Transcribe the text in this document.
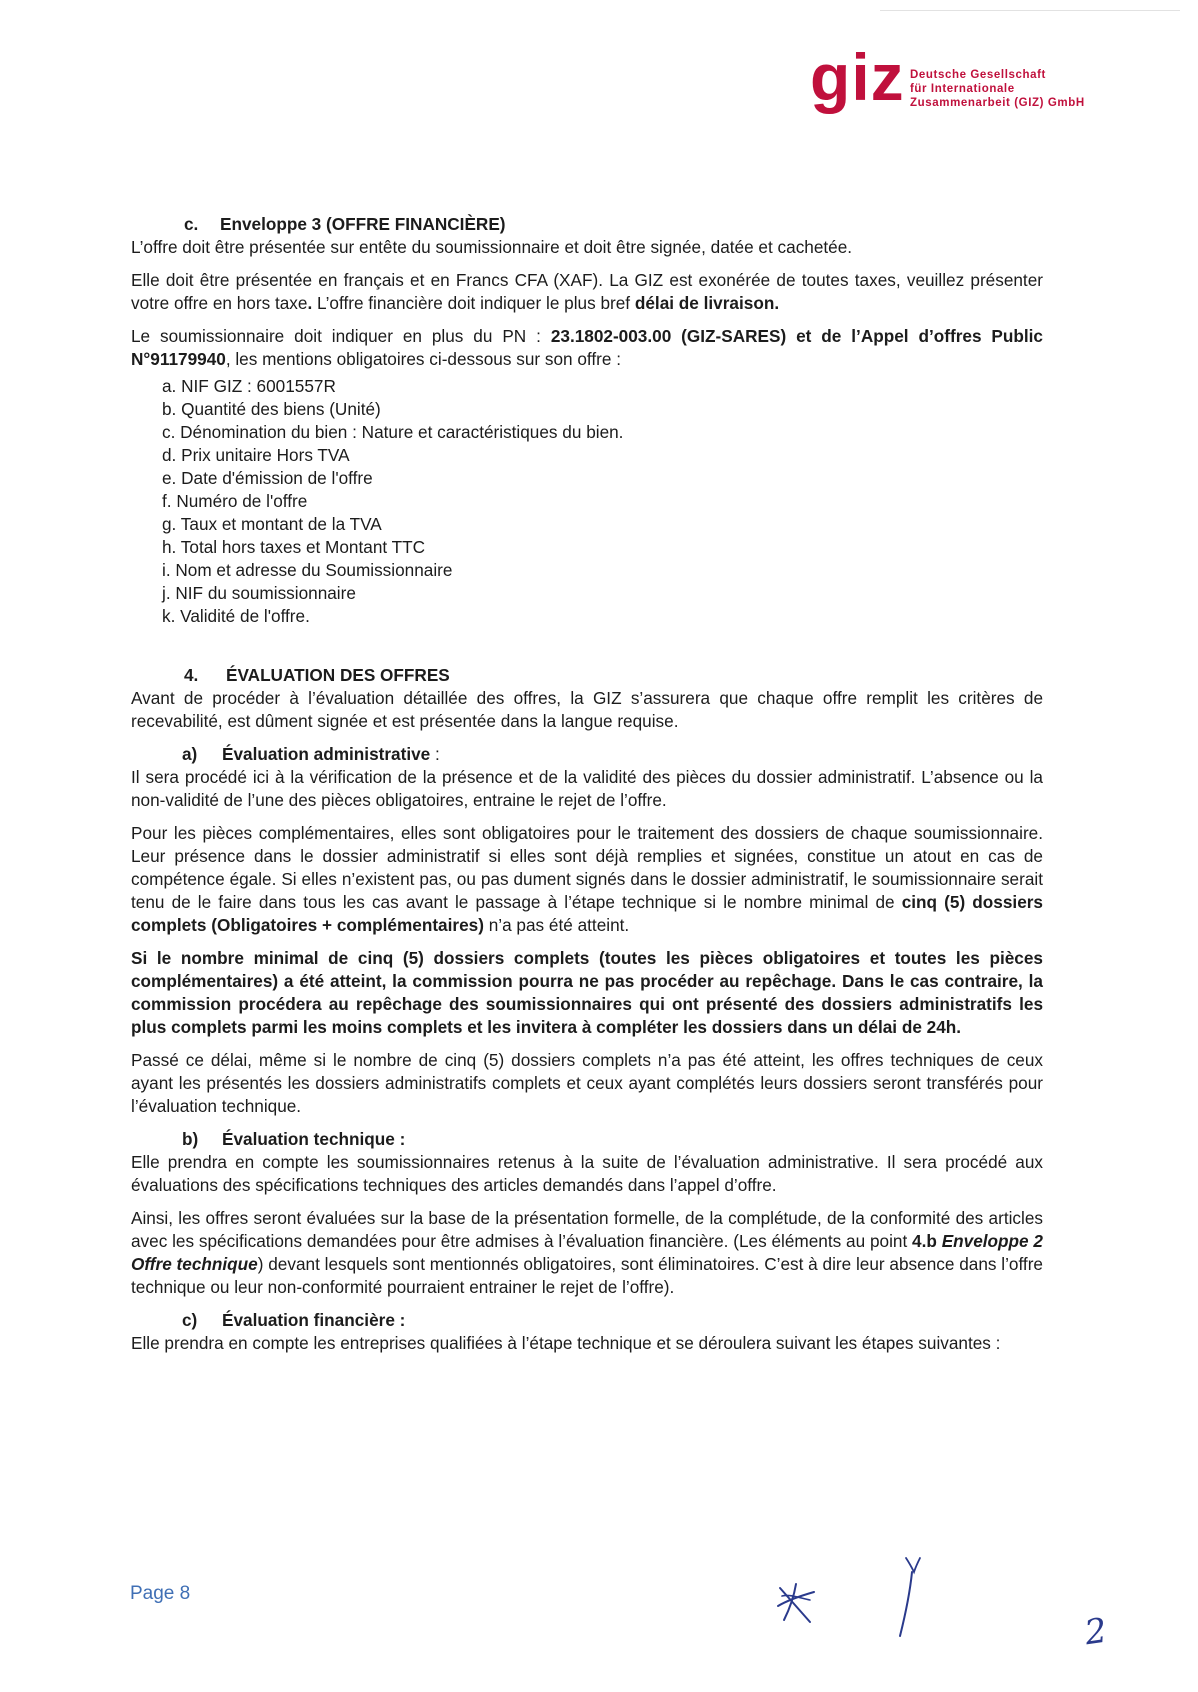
giz Deutsche Gesellschaft
für Internationale
Zusammenarbeit (GIZ) GmbH

c. Enveloppe 3 (OFFRE FINANCIÈRE)

L’offre doit être présentée sur entête du soumissionnaire et doit être signée, datée et cachetée.

Elle doit être présentée en français et en Francs CFA (XAF). La GIZ est exonérée de toutes taxes, veuillez présenter votre offre en hors taxe. L’offre financière doit indiquer le plus bref délai de livraison.

Le soumissionnaire doit indiquer en plus du PN : 23.1802-003.00 (GIZ-SARES) et de l’Appel d’offres Public N°91179940, les mentions obligatoires ci-dessous sur son offre :

a. NIF GIZ : 6001557R
b. Quantité des biens (Unité)
c. Dénomination du bien : Nature et caractéristiques du bien.
d. Prix unitaire Hors TVA
e. Date d'émission de l'offre
f. Numéro de l'offre
g. Taux et montant de la TVA
h. Total hors taxes et Montant TTC
i. Nom et adresse du Soumissionnaire
j. NIF du soumissionnaire
k. Validité de l'offre.

4. ÉVALUATION DES OFFRES

Avant de procéder à l’évaluation détaillée des offres, la GIZ s’assurera que chaque offre remplit les critères de recevabilité, est dûment signée et est présentée dans la langue requise.

a) Évaluation administrative :

Il sera procédé ici à la vérification de la présence et de la validité des pièces du dossier administratif. L’absence ou la non-validité de l’une des pièces obligatoires, entraine le rejet de l’offre.

Pour les pièces complémentaires, elles sont obligatoires pour le traitement des dossiers de chaque soumissionnaire. Leur présence dans le dossier administratif si elles sont déjà remplies et signées, constitue un atout en cas de compétence égale. Si elles n’existent pas, ou pas dument signés dans le dossier administratif, le soumissionnaire serait tenu de le faire dans tous les cas avant le passage à l’étape technique si le nombre minimal de cinq (5) dossiers complets (Obligatoires + complémentaires) n’a pas été atteint.

Si le nombre minimal de cinq (5) dossiers complets (toutes les pièces obligatoires et toutes les pièces complémentaires) a été atteint, la commission pourra ne pas procéder au repêchage. Dans le cas contraire, la commission procédera au repêchage des soumissionnaires qui ont présenté des dossiers administratifs les plus complets parmi les moins complets et les invitera à compléter les dossiers dans un délai de 24h.

Passé ce délai, même si le nombre de cinq (5) dossiers complets n’a pas été atteint, les offres techniques de ceux ayant les présentés les dossiers administratifs complets et ceux ayant complétés leurs dossiers seront transférés pour l’évaluation technique.

b) Évaluation technique :

Elle prendra en compte les soumissionnaires retenus à la suite de l’évaluation administrative. Il sera procédé aux évaluations des spécifications techniques des articles demandés dans l’appel d’offre.

Ainsi, les offres seront évaluées sur la base de la présentation formelle, de la complétude, de la conformité des articles avec les spécifications demandées pour être admises à l’évaluation financière. (Les éléments au point 4.b Enveloppe 2 Offre technique) devant lesquels sont mentionnés obligatoires, sont éliminatoires. C’est à dire leur absence dans l’offre technique ou leur non-conformité pourraient entrainer le rejet de l’offre).

c) Évaluation financière :

Elle prendra en compte les entreprises qualifiées à l’étape technique et se déroulera suivant les étapes suivantes :

Page 8
2
